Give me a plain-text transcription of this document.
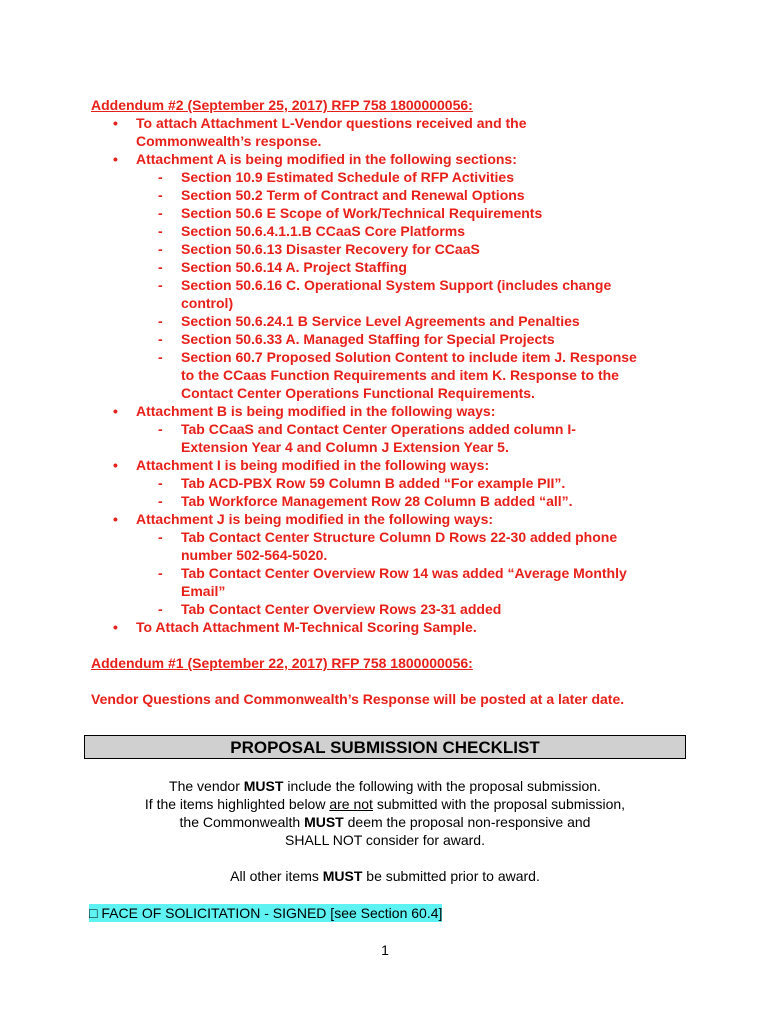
Addendum #2 (September 25, 2017) RFP 758 1800000056:
• To attach Attachment L-Vendor questions received and the
Commonwealth’s response.
• Attachment A is being modified in the following sections:
- Section 10.9 Estimated Schedule of RFP Activities
- Section 50.2 Term of Contract and Renewal Options
- Section 50.6 E Scope of Work/Technical Requirements
- Section 50.6.4.1.1.B CCaaS Core Platforms
- Section 50.6.13 Disaster Recovery for CCaaS
- Section 50.6.14 A. Project Staffing
- Section 50.6.16 C. Operational System Support (includes change
control)
- Section 50.6.24.1 B Service Level Agreements and Penalties
- Section 50.6.33 A. Managed Staffing for Special Projects
- Section 60.7 Proposed Solution Content to include item J. Response
to the CCaas Function Requirements and item K. Response to the
Contact Center Operations Functional Requirements.
• Attachment B is being modified in the following ways:
- Tab CCaaS and Contact Center Operations added column I-
Extension Year 4 and Column J Extension Year 5.
• Attachment I is being modified in the following ways:
- Tab ACD-PBX Row 59 Column B added “For example PII”.
- Tab Workforce Management Row 28 Column B added “all”.
• Attachment J is being modified in the following ways:
- Tab Contact Center Structure Column D Rows 22-30 added phone
number 502-564-5020.
- Tab Contact Center Overview Row 14 was added “Average Monthly
Email”
- Tab Contact Center Overview Rows 23-31 added
• To Attach Attachment M-Technical Scoring Sample.
Addendum #1 (September 22, 2017) RFP 758 1800000056:
Vendor Questions and Commonwealth’s Response will be posted at a later date.
PROPOSAL SUBMISSION CHECKLIST
The vendor MUST include the following with the proposal submission.
If the items highlighted below are not submitted with the proposal submission,
the Commonwealth MUST deem the proposal non-responsive and
SHALL NOT consider for award.
All other items MUST be submitted prior to award.
□ FACE OF SOLICITATION - SIGNED [see Section 60.4]
1
